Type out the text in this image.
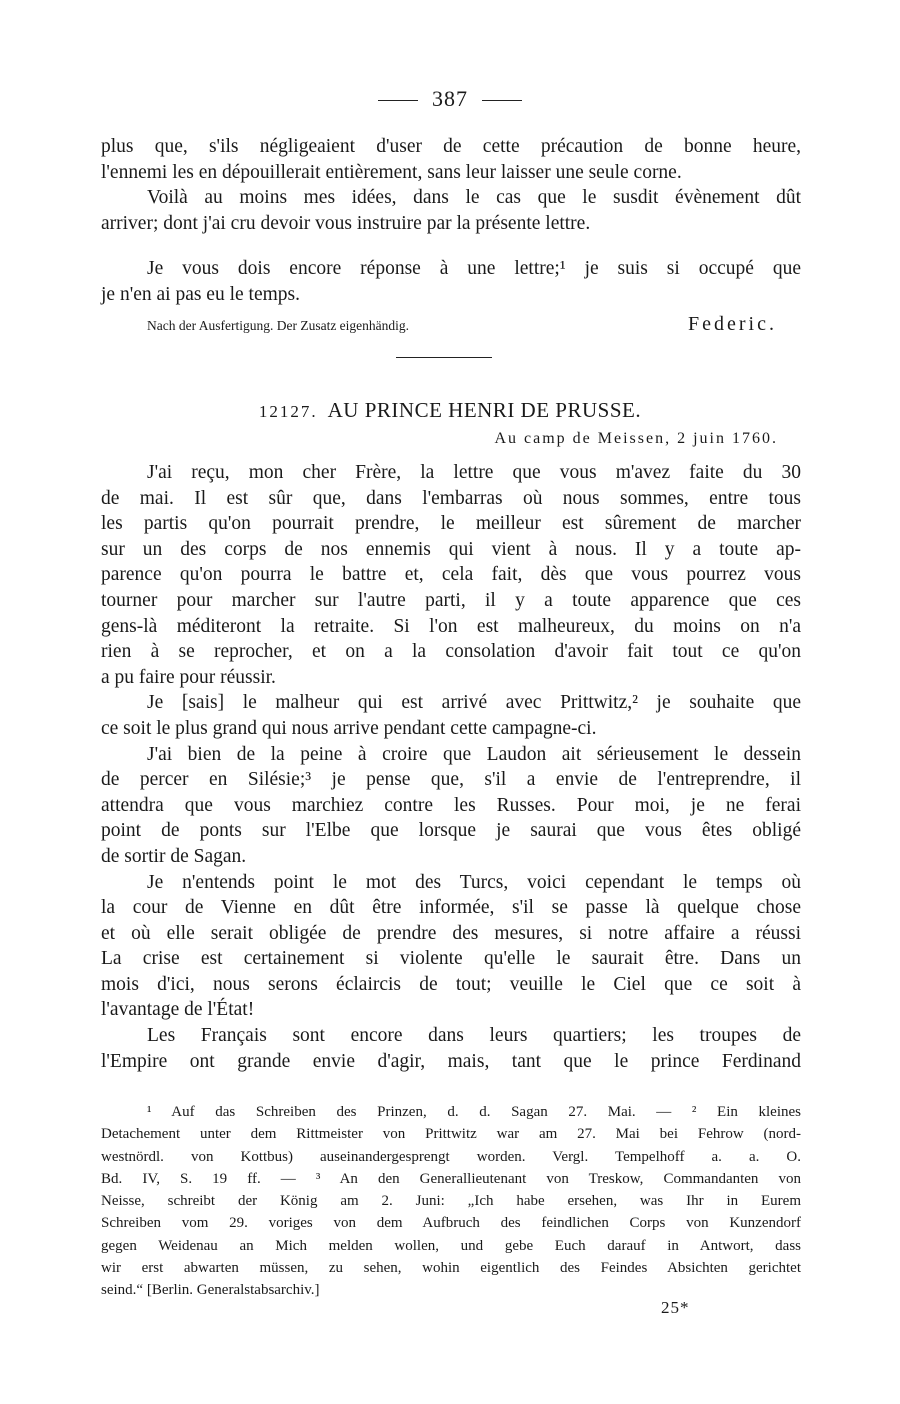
387
plus que, s'ils négligeaient d'user de cette précaution de bonne heure,
l'ennemi les en dépouillerait entièrement, sans leur laisser une seule corne.
Voilà au moins mes idées, dans le cas que le susdit évènement dût
arriver; dont j'ai cru devoir vous instruire par la présente lettre.
Je vous dois encore réponse à une lettre;¹ je suis si occupé que
je n'en ai pas eu le temps.
Nach der Ausfertigung. Der Zusatz eigenhändig.	Federic.
12127. AU PRINCE HENRI DE PRUSSE.
Au camp de Meissen, 2 juin 1760.
J'ai reçu, mon cher Frère, la lettre que vous m'avez faite du 30
de mai. Il est sûr que, dans l'embarras où nous sommes, entre tous
les partis qu'on pourrait prendre, le meilleur est sûrement de marcher
sur un des corps de nos ennemis qui vient à nous. Il y a toute ap-
parence qu'on pourra le battre et, cela fait, dès que vous pourrez vous
tourner pour marcher sur l'autre parti, il y a toute apparence que ces
gens-là méditeront la retraite. Si l'on est malheureux, du moins on n'a
rien à se reprocher, et on a la consolation d'avoir fait tout ce qu'on
a pu faire pour réussir.
Je [sais] le malheur qui est arrivé avec Prittwitz,² je souhaite que
ce soit le plus grand qui nous arrive pendant cette campagne-ci.
J'ai bien de la peine à croire que Laudon ait sérieusement le dessein
de percer en Silésie;³ je pense que, s'il a envie de l'entreprendre, il
attendra que vous marchiez contre les Russes. Pour moi, je ne ferai
point de ponts sur l'Elbe que lorsque je saurai que vous êtes obligé
de sortir de Sagan.
Je n'entends point le mot des Turcs, voici cependant le temps où
la cour de Vienne en dût être informée, s'il se passe là quelque chose
et où elle serait obligée de prendre des mesures, si notre affaire a réussi
La crise est certainement si violente qu'elle le saurait être. Dans un
mois d'ici, nous serons éclaircis de tout; veuille le Ciel que ce soit à
l'avantage de l'État!
Les Français sont encore dans leurs quartiers; les troupes de
l'Empire ont grande envie d'agir, mais, tant que le prince Ferdinand
¹ Auf das Schreiben des Prinzen, d. d. Sagan 27. Mai. — ² Ein kleines
Detachement unter dem Rittmeister von Prittwitz war am 27. Mai bei Fehrow (nord-
westnördl. von Kottbus) auseinandergesprengt worden. Vergl. Tempelhoff a. a. O.
Bd. IV, S. 19 ff. — ³ An den Generallieutenant von Treskow, Commandanten von
Neisse, schreibt der König am 2. Juni: „Ich habe ersehen, was Ihr in Eurem
Schreiben vom 29. voriges von dem Aufbruch des feindlichen Corps von Kunzendorf
gegen Weidenau an Mich melden wollen, und gebe Euch darauf in Antwort, dass
wir erst abwarten müssen, zu sehen, wohin eigentlich des Feindes Absichten gerichtet
seind.“ [Berlin. Generalstabsarchiv.]
25*
